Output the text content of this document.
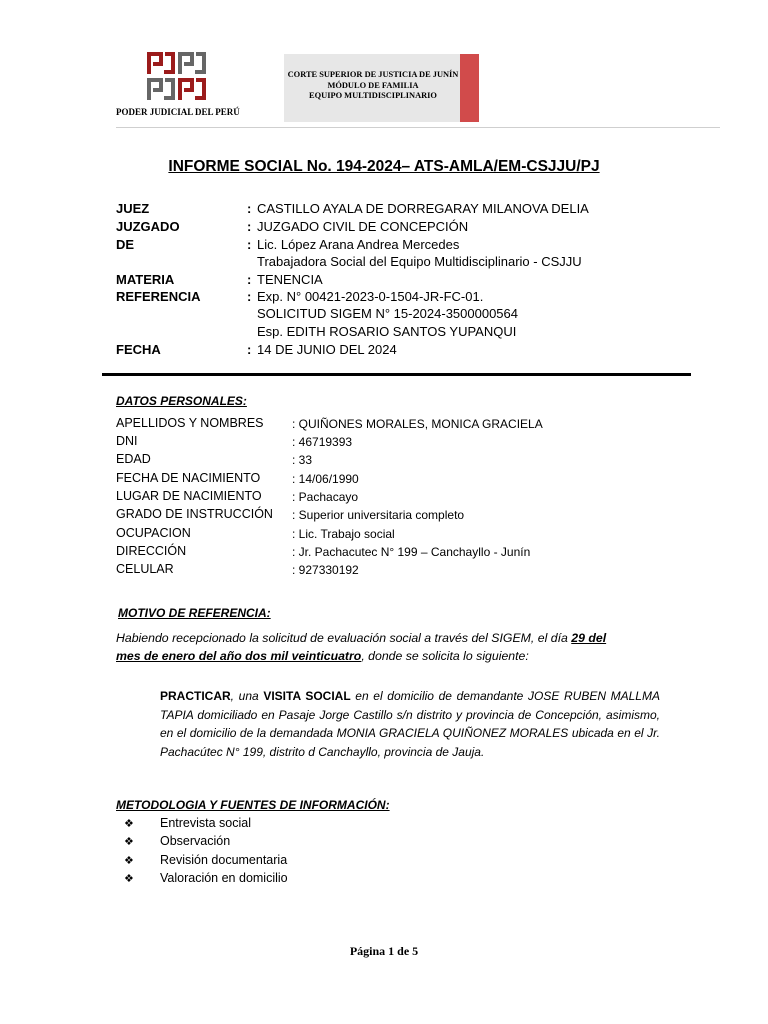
PODER JUDICIAL DEL PERÚ
CORTE SUPERIOR DE JUSTICIA DE JUNÍN
MÓDULO DE FAMILIA
EQUIPO MULTIDISCIPLINARIO
INFORME SOCIAL No. 194-2024– ATS-AMLA/EM-CSJJU/PJ
JUEZ	: CASTILLO AYALA DE DORREGARAY MILANOVA DELIA
JUZGADO	: JUZGADO CIVIL DE CONCEPCIÓN
DE	: Lic. López Arana Andrea Mercedes
Trabajadora Social del Equipo Multidisciplinario - CSJJU
MATERIA	: TENENCIA
REFERENCIA	: Exp. N° 00421-2023-0-1504-JR-FC-01.
SOLICITUD SIGEM N° 15-2024-3500000564
Esp. EDITH ROSARIO SANTOS YUPANQUI
FECHA	: 14 DE JUNIO DEL 2024
DATOS PERSONALES:
APELLIDOS Y NOMBRES : QUIÑONES MORALES, MONICA GRACIELA
DNI	: 46719393
EDAD	: 33
FECHA DE NACIMIENTO	: 14/06/1990
LUGAR DE NACIMIENTO	: Pachacayo
GRADO DE INSTRUCCIÓN : Superior universitaria completo
OCUPACION	: Lic. Trabajo social
DIRECCIÓN	: Jr. Pachacutec N° 199 – Canchayllo - Junín
CELULAR	: 927330192
MOTIVO DE REFERENCIA:
Habiendo recepcionado la solicitud de evaluación social a través del SIGEM, el día 29 del
mes de enero del año dos mil veinticuatro, donde se solicita lo siguiente:
PRACTICAR, una VISITA SOCIAL en el domicilio de demandante JOSE RUBEN MALLMA TAPIA domiciliado en Pasaje Jorge Castillo s/n distrito y provincia de Concepción, asimismo, en el domicilio de la demandada MONIA GRACIELA QUIÑONEZ MORALES ubicada en el Jr. Pachacútec N° 199, distrito d Canchayllo, provincia de Jauja.
METODOLOGIA Y FUENTES DE INFORMACIÓN:
❖ Entrevista social
❖ Observación
❖ Revisión documentaria
❖ Valoración en domicilio
Página 1 de 5
